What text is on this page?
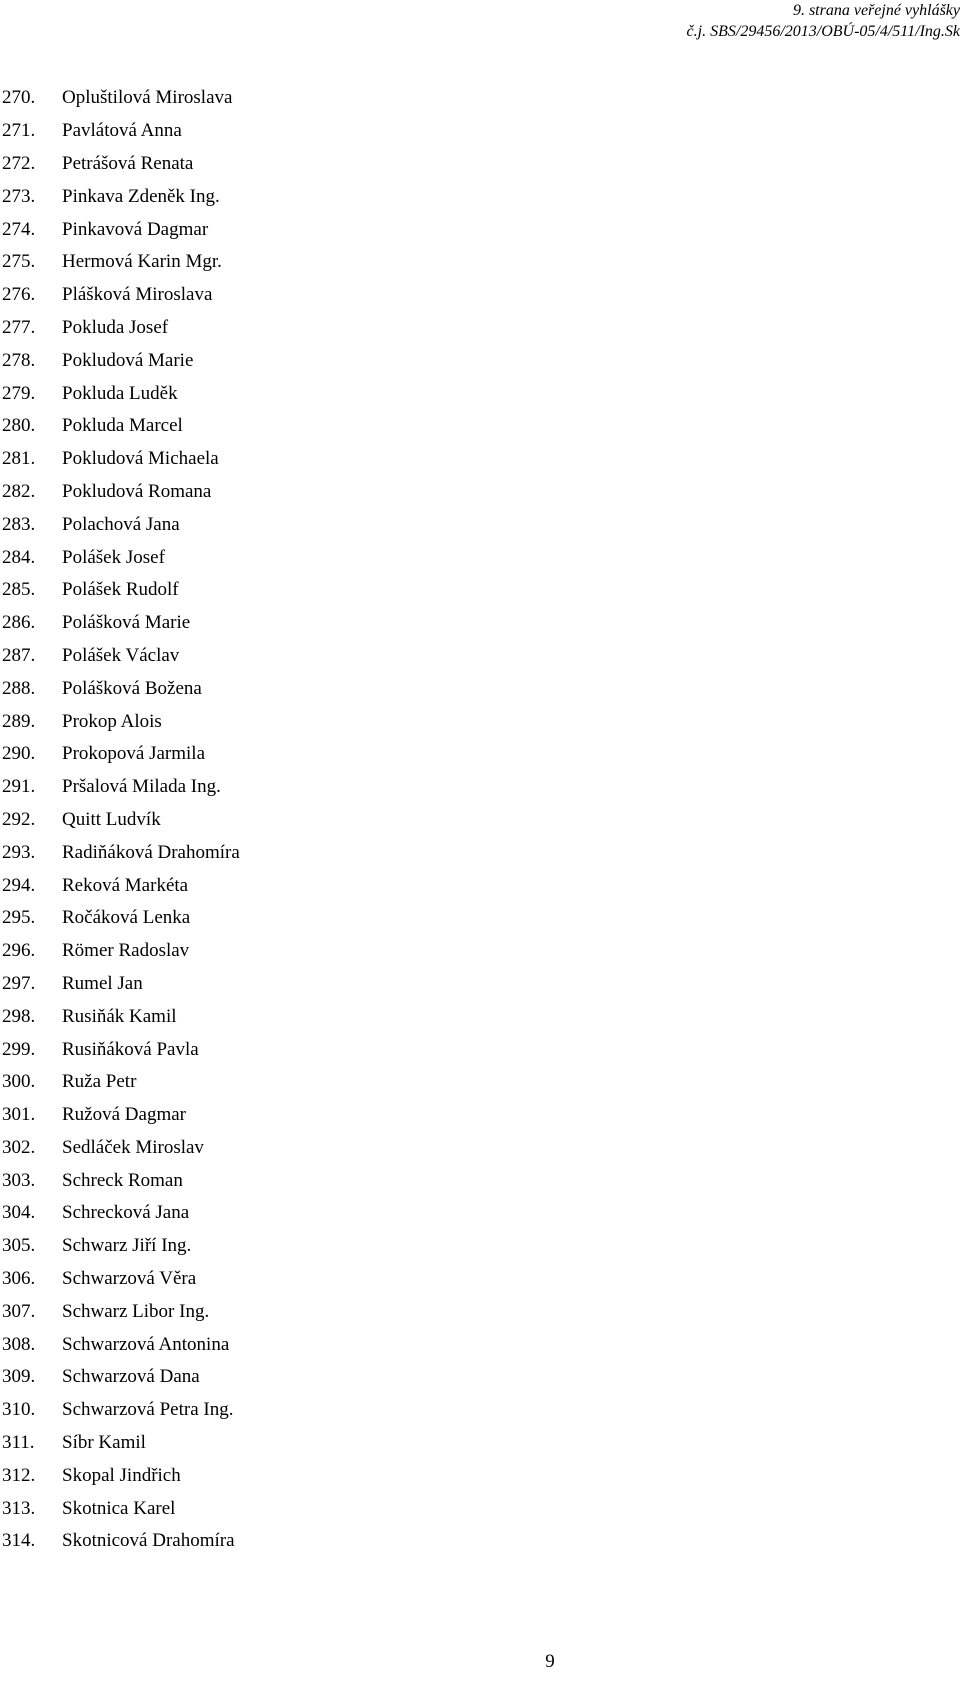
9. strana veřejné vyhlášky
č.j. SBS/29456/2013/OBÚ-05/4/511/Ing.Sk
270.	Opluštilová Miroslava
271.	Pavlátová Anna
272.	Petrášová Renata
273.	Pinkava Zdeněk Ing.
274.	Pinkavová Dagmar
275.	Hermová Karin Mgr.
276.	Plášková Miroslava
277.	Pokluda Josef
278.	Pokludová Marie
279.	Pokluda Luděk
280.	Pokluda Marcel
281.	Pokludová Michaela
282.	Pokludová Romana
283.	Polachová Jana
284.	Polášek Josef
285.	Polášek Rudolf
286.	Polášková Marie
287.	Polášek Václav
288.	Polášková Božena
289.	Prokop Alois
290.	Prokopová Jarmila
291.	Pršalová Milada Ing.
292.	Quitt Ludvík
293.	Radiňáková Drahomíra
294.	Reková Markéta
295.	Ročáková Lenka
296.	Römer Radoslav
297.	Rumel Jan
298.	Rusiňák Kamil
299.	Rusiňáková Pavla
300.	Ruža Petr
301.	Ružová Dagmar
302.	Sedláček Miroslav
303.	Schreck Roman
304.	Schrecková Jana
305.	Schwarz Jiří Ing.
306.	Schwarzová Věra
307.	Schwarz Libor Ing.
308.	Schwarzová Antonina
309.	Schwarzová Dana
310.	Schwarzová Petra Ing.
311.	Síbr Kamil
312.	Skopal Jindřich
313.	Skotnica Karel
314.	Skotnicová Drahomíra
9
